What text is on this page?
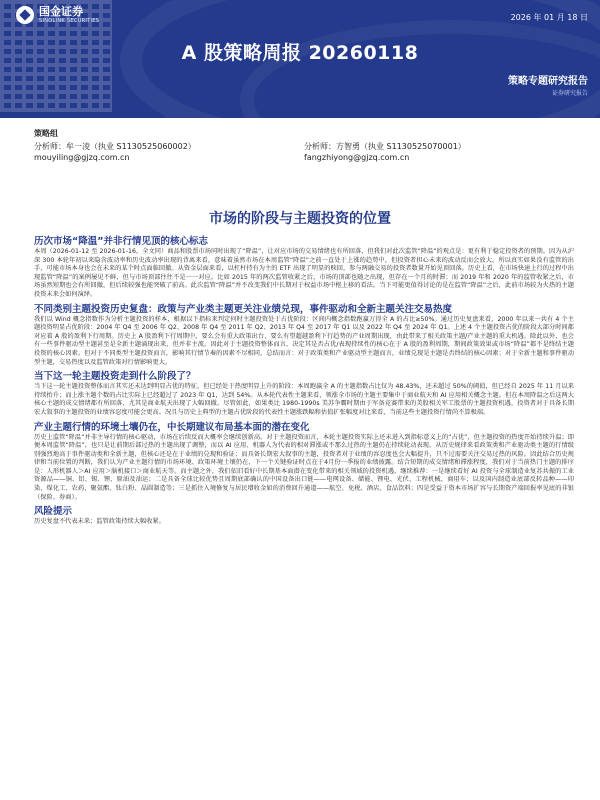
国金证券
SINOLINK SECURITIES	2026 年 01 月 18 日
A 股策略周报 20260118
策略专题研究报告
证券研究报告
策略组
分析师：牟一凌（执业 S1130525060002）	分析师：方智勇（执业 S1130525070001）
mouyiling@gjzq.com.cn	fangzhiyong@gjzq.com.cn
市场的阶段与主题投资的位置
历次市场“降温”并非行情见顶的核心标志
本周（2026-01-12 至 2026-01-16，全文同）商品和股票市场同时出现了“降温”，让对应市场的交易情绪也有所回落，但我们对此次监管“降温”的观点是：更有利于稳定投资者的预期。因为从沪深 300 本轮年初以来隐含波动率和历史波动率出现的背离来看，意味着虽然市场在本周监管“降温”之前一直处于上涨的趋势中，但投资者担心未来的波动反而会放大。所以真实如果没有监管的出手，可能市场本身也会在未来的某个时点面临回撤。从资金层面来看，以杠杆持有为主的 ETF 出现了明显的赎回，参与两融交易的投资者数量开始见顶回落。历史上看，在市场快速上行的过程中出现监管“降温”的案例屡见不鲜，但与市场顶部往往不是一一对应。比如 2015 年的两次监管收紧之后，市场的顶部也随之出现，但存在一个月的时滞；而 2019 年和 2020 年的监管收紧之后，市场虽然短期也会有所回撤，但后续较强也能突破了前高。此次监管“降温”并不改变我们中长期对于权益市场中枢上移的看法。当下可能更值得讨论的是在监管“降温”之后，此前市场较为火热的主题投资未来会如何演绎。
不同类别主题投资历史复盘：政策与产业类主题更关注业绩兑现，事件驱动和全新主题关注交易热度
我们以 Wind 概念指数作为分析主题投资的样本，根据以下指标来判定何时主题投资处于占优阶段：区间内概念指数跑赢万得全 A 的占比≥50%。通过历史复盘来看，2000 年以来一共有 4 个主题投资明显占优阶段：2004 年 Q4 至 2006 年 Q2、2008 年 Q4 至 2011 年 Q2、2013 年 Q4 至 2017 年 Q1 以及 2022 年 Q4 至 2024 年 Q1。上述 4 个主题投资占优的阶段大部分时间都对应着 A 股的盈利下行周期。历史上 A 股盈利下行周期中，要么会有重大政策出台，要么有望超越盈利下行趋势的产业周期出现，由此带来了相关政策主题/产业主题的重大机遇。除此以外，也会有一些事件驱动型主题甚至是全新主题涌现出来，但并非主流。因此对于主题投资整体而言，决定其是否占优/表现持续性的核心在于 A 股的盈利周期，期间政策效果或市场“降温”都不是终结主题投资的核心因素。但对于不同类型主题投资而言，影响其行情节奏的因素不尽相同，总结而言：对于政策类和产业驱动型主题而言，业绩兑现是主题是否终结的核心因素；对于全新主题和事件驱动型主题，交易热度以及监管政策对行情影响更大。
当下这一轮主题投资走到什么阶段了？
当下这一轮主题投资整体而言其实还未达到明显占优的特征，但已经处于热度明显上升的阶段：本周跑赢全 A 的主题指数占比仅为 48.43%，还未超过 50%的阈值，但已经自 2025 年 11 月以来持续抬升；而上涨主题个数的占比实际上已经超过了 2023 年 Q1，达到 54%。从本轮代表性主题来看，领涨全市场的主题主要集中于商业航天和 AI 应用相关概念主题。但在本周降温之后这两大核心主题的成交情绪都有所回落，尤其是商业航天出现了大幅回撤。尽管如此，如果类比 1980-1990s 美苏争霸时期由于军备竞赛带来的美股相关军工股票的主题投资机遇，投资者对于具备长期宏大叙事的主题投资的业绩容忍度可能会更高。况且与历史上典型的主题占优阶段的代表性主题涨跌幅和估值扩张幅度对比来看，当前这些主题投资行情尚不算极端。
产业主题行情的环境土壤仍在，中长期建议布局基本面的潜在变化
历史上监管“降温”并非主导行情的核心驱动，市场在后续反而大概率会继续创新高。对于主题投资而言，本轮主题投资实际上还未进入到指标意义上的“占优”，但主题投资的热度开始持续升温；即便本周监管“降温”，也只是让前期后部过热的主题出现了调整，而以 AI 应用、机器人为代表的相对滞涨或不那么过热的主题仍在持续轮动表现。从历史规律来看政策类和产业驱动类主题的行情级别强烈地高于事件驱动类和全新主题，但核心还是在于业绩的兑现和验证；而具备长期宏大叙事的主题，投资者对于业绩的容忍度也会大幅提升，只不过需要关注交易过热的风险。因此结合历史规律和当前位置的判断，我们认为产业主题行情的市场环境、政策环境土壤仍在，下一个关键验证时点在于4月份一季报的业绩披露。结合短期的成交情绪和滞涨程度，我们对于当前热门主题的排序是：人形机器人＞AI 应用＞脑机接口＞商业航天等。而主题之外，我们依旧看好中长期基本面潜在变化带来的相关领域的投资机遇，继续推荐：一是继续看好 AI 投资与全球制造业复苏共振的工业资源品——铜、铝、锡、锂、原油及油运；二是具备全球比较优势且周期底部确认的中国设备出口链——电网设备、储能、锂电、光伏、工程机械、商用车；以及国内制造业底部反转品种——印染、煤化工、农药、聚氨酯、钛白粉、晶圆制造等；三是抓住入境修复与居民增收金如的消费回升通道——航空、免税、酒店、食品饮料；四是受益于资本市场扩容与长期资产端回报率见底的非银（保险、券商）。
风险提示
历史复盘不代表未来；监管政策持续大幅收紧。
